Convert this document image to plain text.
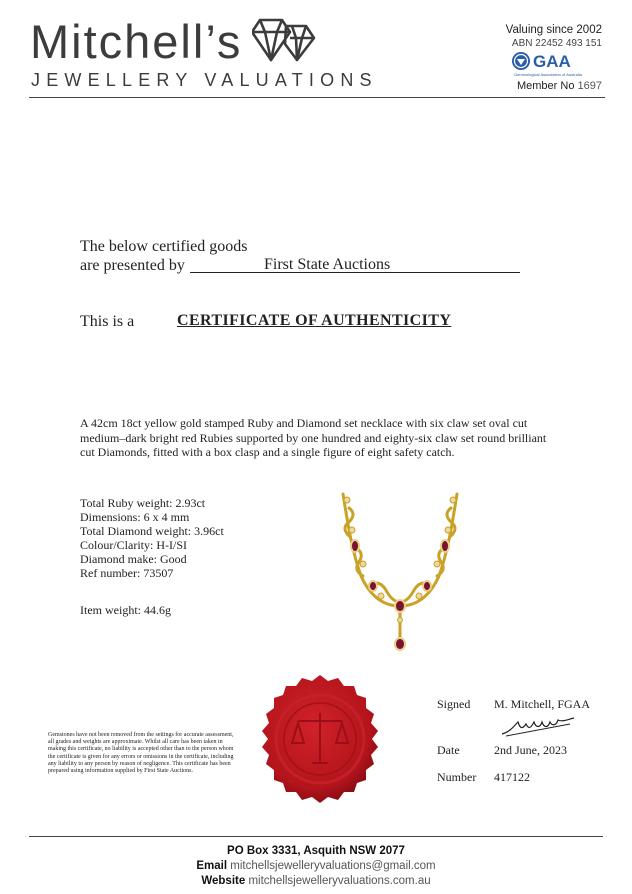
Mitchell’s
JEWELLERY VALUATIONS
Valuing since 2002
ABN 22452 493 151
GAA
Gemmological Association of Australia
Member No 1697
The below certified goods
are presented by	First State Auctions
This is a	CERTIFICATE OF AUTHENTICITY
A 42cm 18ct yellow gold stamped Ruby and Diamond set necklace with six claw set oval cut medium–dark bright red Rubies supported by one hundred and eighty-six claw set round brilliant cut Diamonds, fitted with a box clasp and a single figure of eight safety catch.
Total Ruby weight: 2.93ct
Dimensions: 6 x 4 mm
Total Diamond weight: 3.96ct
Colour/Clarity: H-I/SI
Diamond make: Good
Ref number: 73507
Item weight: 44.6g
Gemstones have not been removed from the settings for accurate assessment, all grades and weights are approximate. Whilst all care has been taken in making this certificate, no liability is accepted other than to the person whom the certificate is given for any errors or omissions in the certificate, including any liability to any person by reason of negligence. This certificate has been prepared using information supplied by First State Auctions.
Signed M. Mitchell, FGAA
Date	2nd June, 2023
Number 417122
PO Box 3331, Asquith NSW 2077
Email mitchellsjewelleryvaluations@gmail.com
Website mitchellsjewelleryvaluations.com.au
